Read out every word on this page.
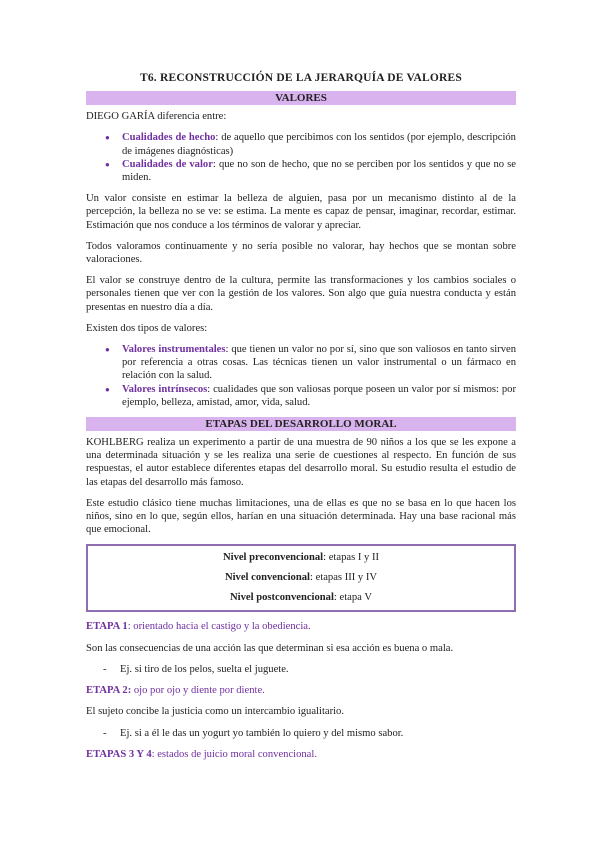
T6. RECONSTRUCCIÓN DE LA JERARQUÍA DE VALORES
VALORES

DIEGO GARÍA diferencia entre:

● Cualidades de hecho: de aquello que percibimos con los sentidos (por ejemplo, descripción de imágenes diagnósticas)
● Cualidades de valor: que no son de hecho, que no se perciben por los sentidos y que no se miden.

Un valor consiste en estimar la belleza de alguien, pasa por un mecanismo distinto al de la percepción, la belleza no se ve: se estima. La mente es capaz de pensar, imaginar, recordar, estimar. Estimación que nos conduce a los términos de valorar y apreciar.

Todos valoramos continuamente y no sería posible no valorar, hay hechos que se montan sobre valoraciones.

El valor se construye dentro de la cultura, permite las transformaciones y los cambios sociales o personales tienen que ver con la gestión de los valores. Son algo que guía nuestra conducta y están presentas en nuestro día a día.

Existen dos tipos de valores:

● Valores instrumentales: que tienen un valor no por sí, sino que son valiosos en tanto sirven por referencia a otras cosas. Las técnicas tienen un valor instrumental o un fármaco en relación con la salud.
● Valores intrínsecos: cualidades que son valiosas porque poseen un valor por sí mismos: por ejemplo, belleza, amistad, amor, vida, salud.
ETAPAS DEL DESARROLLO MORAL

KOHLBERG realiza un experimento a partir de una muestra de 90 niños a los que se les expone a una determinada situación y se les realiza una serie de cuestiones al respecto. En función de sus respuestas, el autor establece diferentes etapas del desarrollo moral. Su estudio resulta el estudio de las etapas del desarrollo más famoso.

Este estudio clásico tiene muchas limitaciones, una de ellas es que no se basa en lo que hacen los niños, sino en lo que, según ellos, harían en una situación determinada. Hay una base racional más que emocional.

Nivel preconvencional: etapas I y II
Nivel convencional: etapas III y IV
Nivel postconvencional: etapa V
ETAPA 1: orientado hacia el castigo y la obediencia.

Son las consecuencias de una acción las que determinan si esa acción es buena o mala.

- Ej. si tiro de los pelos, suelta el juguete.
ETAPA 2: ojo por ojo y diente por diente.

El sujeto concibe la justicia como un intercambio igualitario.

- Ej. si a él le das un yogurt yo también lo quiero y del mismo sabor.
ETAPAS 3 Y 4: estados de juicio moral convencional.
